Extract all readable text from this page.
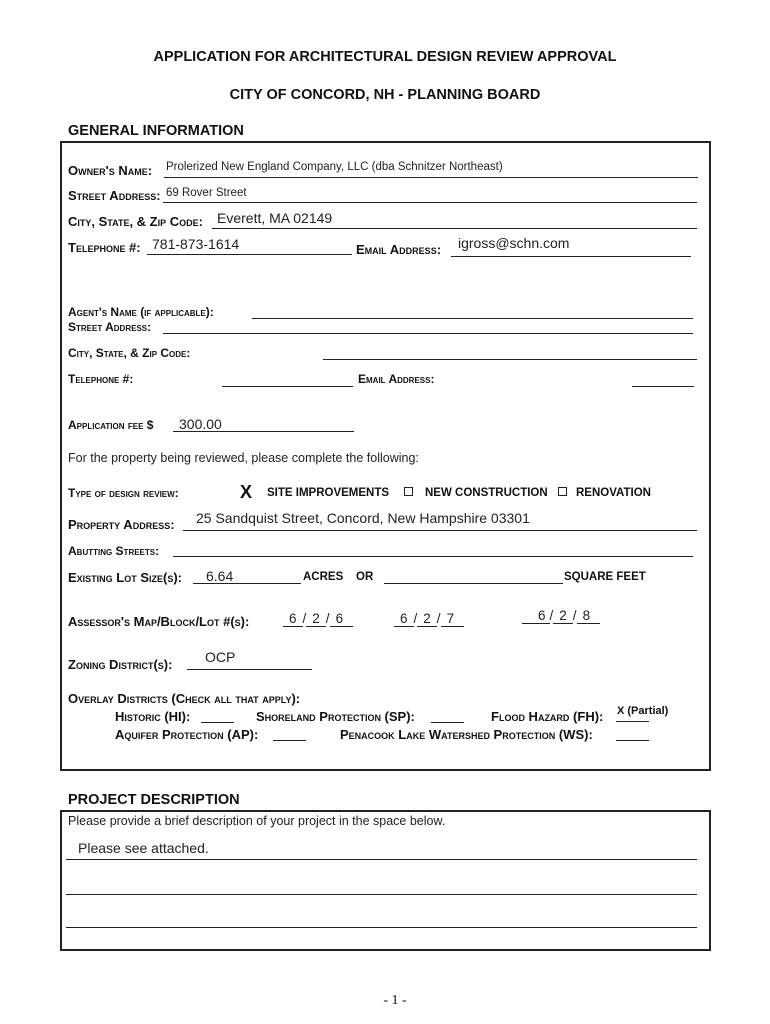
APPLICATION FOR ARCHITECTURAL DESIGN REVIEW APPROVAL
CITY OF CONCORD, NH - PLANNING BOARD
GENERAL INFORMATION
Owner's Name: Prolerized New England Company, LLC (dba Schnitzer Northeast)
Street Address: 69 Rover Street
City, State, & Zip Code: Everett, MA 02149
Telephone #: 781-873-1614	Email Address: igross@schn.com
Agent's Name (if applicable):
Street Address:
City, State, & Zip Code:
Telephone #:	Email Address:
Application fee $ 300.00
For the property being reviewed, please complete the following:
Type of design review:	X SITE IMPROVEMENTS	NEW CONSTRUCTION RENOVATION
Property Address: 25 Sandquist Street, Concord, New Hampshire 03301
Abutting Streets:
Existing Lot Size(s): 6.64	ACRES OR	SQUARE FEET
Assessor's Map/Block/Lot #(s):	6 / 2 / 6	6 / 2 / 7	6 / 2 / 8
Zoning District(s): OCP
Overlay Districts (Check all that apply):
Historic (HI):	Shoreland Protection (SP):	Flood Hazard (FH): X (Partial)
Aquifer Protection (AP):	Penacook Lake Watershed Protection (WS):
PROJECT DESCRIPTION
Please provide a brief description of your project in the space below.
Please see attached.
- 1 -
